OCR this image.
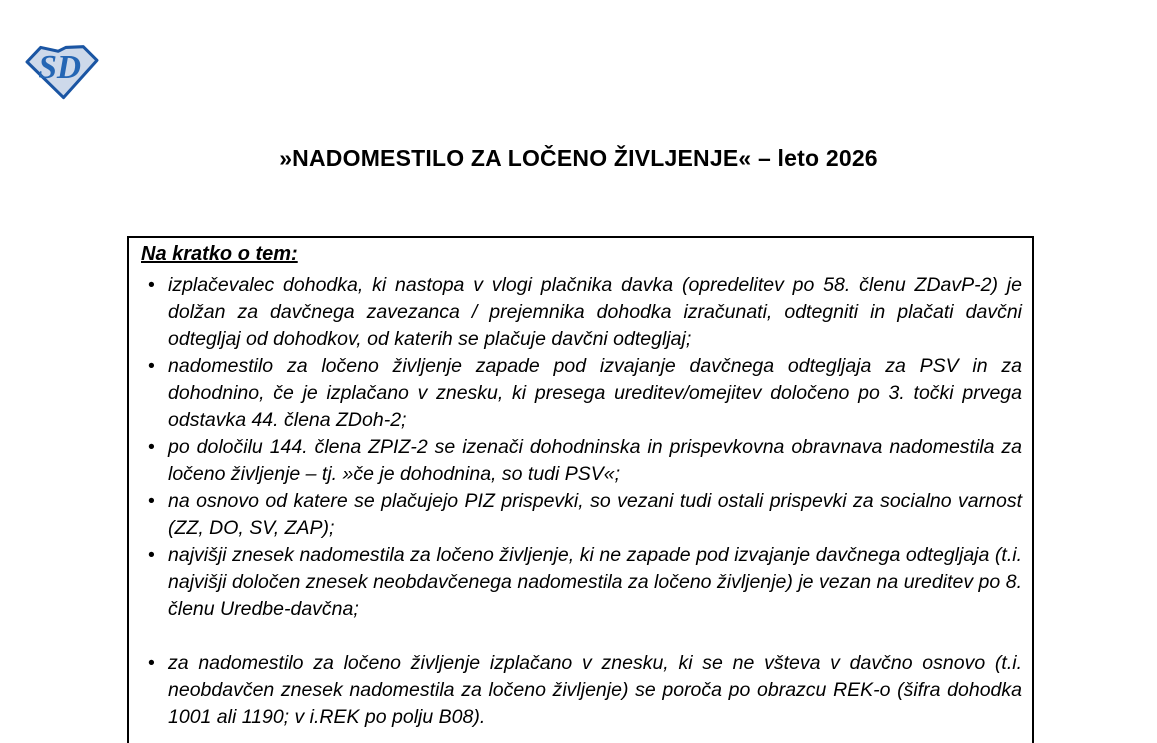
SD
»NADOMESTILO ZA LOČENO ŽIVLJENJE« – leto 2026
Na kratko o tem:
• izplačevalec dohodka, ki nastopa v vlogi plačnika davka (opredelitev po 58. členu ZDavP-2) je dolžan za davčnega zavezanca / prejemnika dohodka izračunati, odtegniti in plačati davčni odtegljaj od dohodkov, od katerih se plačuje davčni odtegljaj;
• nadomestilo za ločeno življenje zapade pod izvajanje davčnega odtegljaja za PSV in za dohodnino, če je izplačano v znesku, ki presega ureditev/omejitev določeno po 3. točki prvega odstavka 44. člena ZDoh-2;
• po določilu 144. člena ZPIZ-2 se izenači dohodninska in prispevkovna obravnava nadomestila za ločeno življenje – tj. »če je dohodnina, so tudi PSV«;
• na osnovo od katere se plačujejo PIZ prispevki, so vezani tudi ostali prispevki za socialno varnost (ZZ, DO, SV, ZAP);
• najvišji znesek nadomestila za ločeno življenje, ki ne zapade pod izvajanje davčnega odtegljaja (t.i. najvišji določen znesek neobdavčenega nadomestila za ločeno življenje) je vezan na ureditev po 8. členu Uredbe-davčna;
• za nadomestilo za ločeno življenje izplačano v znesku, ki se ne všteva v davčno osnovo (t.i. neobdavčen znesek nadomestila za ločeno življenje) se poroča po obrazcu REK-o (šifra dohodka 1001 ali 1190; v i.REK po polju B08).
